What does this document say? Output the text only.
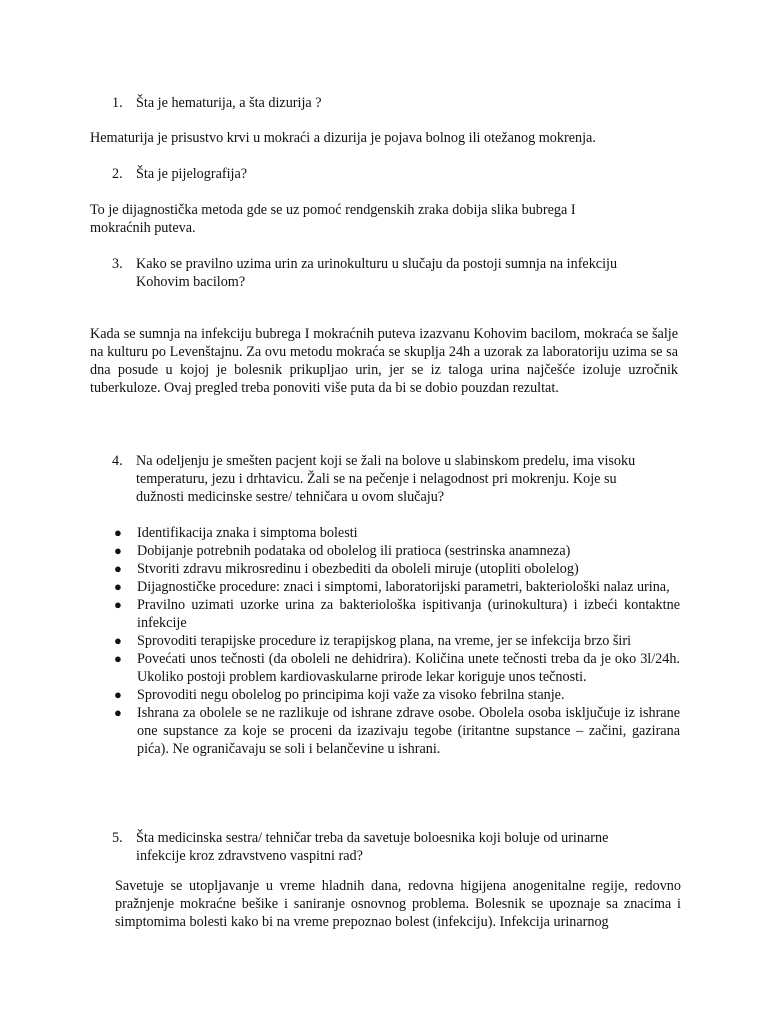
1. Šta je hematurija, a šta dizurija ?
Hematurija je prisustvo krvi u mokraći a dizurija je pojava bolnog ili otežanog mokrenja.
2. Šta je pijelografija?
To je dijagnostička metoda gde se uz pomoć rendgenskih zraka dobija slika bubrega I
mokraćnih puteva.
3. Kako se pravilno uzima urin za urinokulturu u slučaju da postoji sumnja na infekciju
Kohovim bacilom?
Kada se sumnja na infekciju bubrega I mokraćnih puteva izazvanu Kohovim bacilom, mokraća se šalje na kulturu po Levenštajnu. Za ovu metodu mokraća se skuplja 24h a uzorak za laboratoriju uzima se sa dna posude u kojoj je bolesnik prikupljao urin, jer se iz taloga urina najčešće izoluje uzročnik tuberkuloze. Ovaj pregled treba ponoviti više puta da bi se dobio pouzdan rezultat.
4. Na odeljenju je smešten pacjent koji se žali na bolove u slabinskom predelu, ima visoku
temperaturu, jezu i drhtavicu. Žali se na pečenje i nelagodnost pri mokrenju. Koje su
dužnosti medicinske sestre/ tehničara u ovom slučaju?
● Identifikacija znaka i simptoma bolesti
● Dobijanje potrebnih podataka od obolelog ili pratioca (sestrinska anamneza)
● Stvoriti zdravu mikrosredinu i obezbediti da oboleli miruje (utopliti obolelog)
● Dijagnostičke procedure: znaci i simptomi, laboratorijski parametri, bakteriološki nalaz urina,
● Pravilno uzimati uzorke urina za bakteriološka ispitivanja (urinokultura) i izbeći kontaktne infekcije
● Sprovoditi terapijske procedure iz terapijskog plana, na vreme, jer se infekcija brzo širi
● Povećati unos tečnosti (da oboleli ne dehidrira). Količina unete tečnosti treba da je oko 3l/24h. Ukoliko postoji problem kardiovaskularne prirode lekar koriguje unos tečnosti.
● Sprovoditi negu obolelog po principima koji važe za visoko febrilna stanje.
● Ishrana za obolele se ne razlikuje od ishrane zdrave osobe. Obolela osoba isključuje iz ishrane one supstance za koje se proceni da izazivaju tegobe (iritantne supstance – začini, gazirana pića). Ne ograničavaju se soli i belančevine u ishrani.
5. Šta medicinska sestra/ tehničar treba da savetuje boloesnika koji boluje od urinarne
infekcije kroz zdravstveno vaspitni rad?
Savetuje se utopljavanje u vreme hladnih dana, redovna higijena anogenitalne regije, redovno pražnjenje mokraćne bešike i saniranje osnovnog problema. Bolesnik se upoznaje sa znacima i simptomima bolesti kako bi na vreme prepoznao bolest (infekciju). Infekcija urinarnog
